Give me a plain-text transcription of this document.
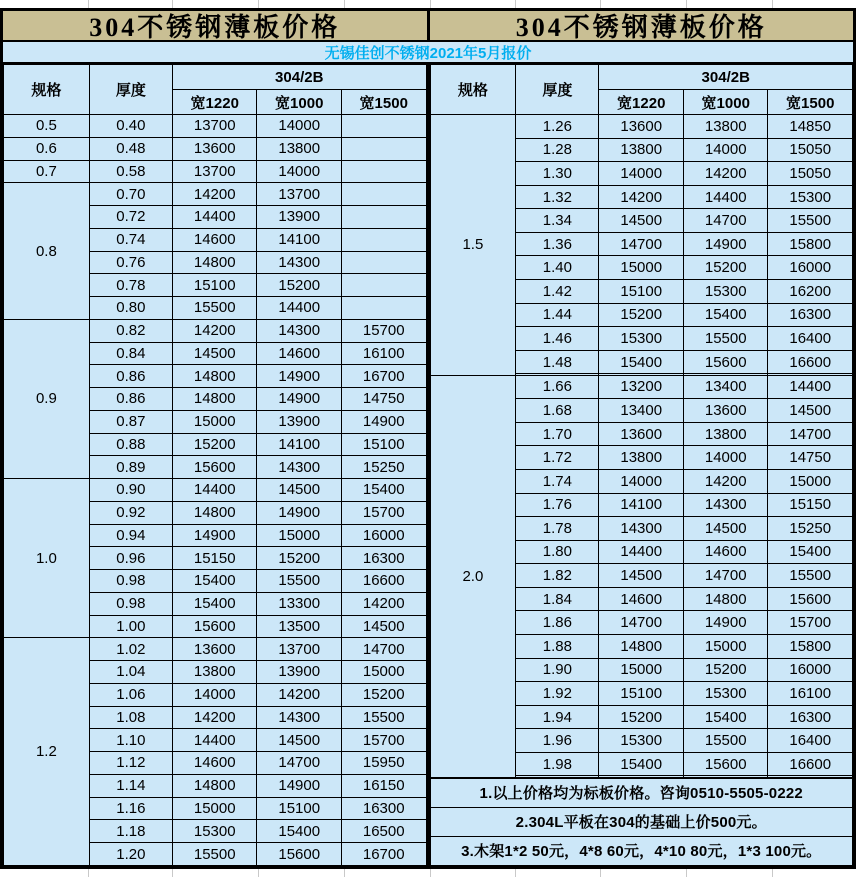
304不锈钢薄板价格	304不锈钢薄板价格
无锡佳创不锈钢2021年5月报价
规格	厚度	304/2B		
		宽1220	宽1000	宽1500
0.5	0.40	13700	14000	
0.6	0.48	13600	13800	
0.7	0.58	13700	14000	
0.8	0.70	14200	13700	
	0.72	14400	13900	
	0.74	14600	14100	
	0.76	14800	14300	
	0.78	15100	15200	
	0.80	15500	14400	
0.9	0.82	14200	14300	15700
	0.84	14500	14600	16100
	0.86	14800	14900	16700
	0.86	14800	14900	14750
	0.87	15000	13900	14900
	0.88	15200	14100	15100
	0.89	15600	14300	15250
1.0	0.90	14400	14500	15400
	0.92	14800	14900	15700
	0.94	14900	15000	16000
	0.96	15150	15200	16300
	0.98	15400	15500	16600
	0.98	15400	13300	14200
	1.00	15600	13500	14500
1.2	1.02	13600	13700	14700
	1.04	13800	13900	15000
	1.06	14000	14200	15200
	1.08	14200	14300	15500
	1.10	14400	14500	15700
	1.12	14600	14700	15950
	1.14	14800	14900	16150
	1.16	15000	15100	16300
	1.18	15300	15400	16500
	1.20	15500	15600	16700
规格	厚度	304/2B		
		宽1220	宽1000	宽1500
1.5	1.26	13600	13800	14850
	1.28	13800	14000	15050
	1.30	14000	14200	15050
	1.32	14200	14400	15300
	1.34	14500	14700	15500
	1.36	14700	14900	15800
	1.40	15000	15200	16000
	1.42	15100	15300	16200
	1.44	15200	15400	16300
	1.46	15300	15500	16400
	1.48	15400	15600	16600

2.0	1.66	13200	13400	14400
	1.68	13400	13600	14500
	1.70	13600	13800	14700
	1.72	13800	14000	14750
	1.74	14000	14200	15000
	1.76	14100	14300	15150
	1.78	14300	14500	15250
	1.80	14400	14600	15400
	1.82	14500	14700	15500
	1.84	14600	14800	15600
	1.86	14700	14900	15700
	1.88	14800	15000	15800
	1.90	15000	15200	16000
	1.92	15100	15300	16100
	1.94	15200	15400	16300
	1.96	15300	15500	16400
	1.98	15400	15600	16600

1.以上价格均为标板价格。咨询0510-5505-0222				
2.304L平板在304的基础上价500元。				
3.木架1*2 50元，4*8 60元，4*10 80元，1*3 100元。				
